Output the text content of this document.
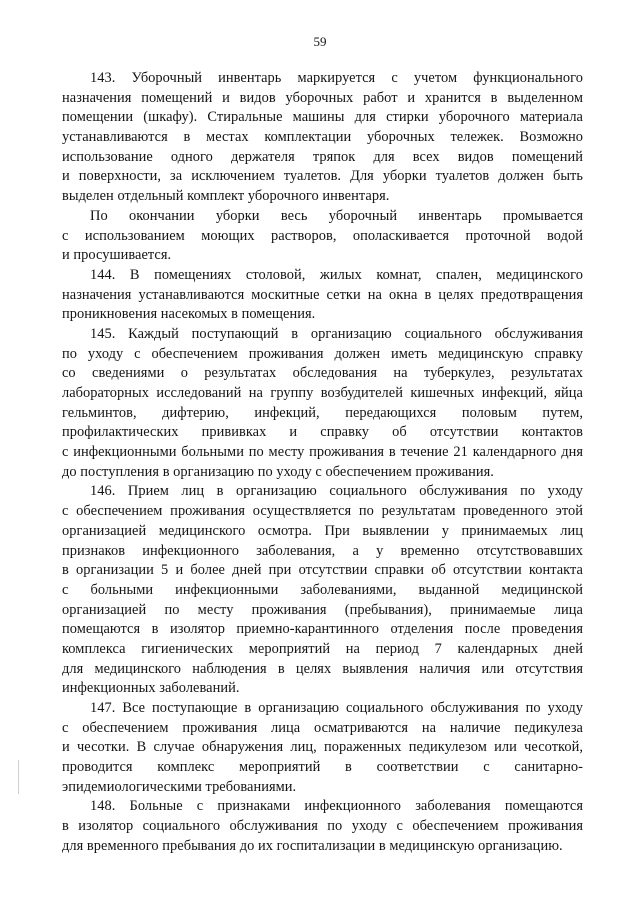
59

143. Уборочный инвентарь маркируется с учетом функционального
назначения помещений и видов уборочных работ и хранится в выделенном
помещении (шкафу). Стиральные машины для стирки уборочного материала
устанавливаются в местах комплектации уборочных тележек. Возможно
использование одного держателя тряпок для всех видов помещений
и поверхности, за исключением туалетов. Для уборки туалетов должен быть
выделен отдельный комплект уборочного инвентаря.

По окончании уборки весь уборочный инвентарь промывается
с использованием моющих растворов, ополаскивается проточной водой
и просушивается.

144. В помещениях столовой, жилых комнат, спален, медицинского
назначения устанавливаются москитные сетки на окна в целях предотвращения
проникновения насекомых в помещения.

145. Каждый поступающий в организацию социального обслуживания
по уходу с обеспечением проживания должен иметь медицинскую справку
со сведениями о результатах обследования на туберкулез, результатах
лабораторных исследований на группу возбудителей кишечных инфекций, яйца
гельминтов, дифтерию, инфекций, передающихся половым путем,
профилактических прививках и справку об отсутствии контактов
с инфекционными больными по месту проживания в течение 21 календарного дня
до поступления в организацию по уходу с обеспечением проживания.

146. Прием лиц в организацию социального обслуживания по уходу
с обеспечением проживания осуществляется по результатам проведенного этой
организацией медицинского осмотра. При выявлении у принимаемых лиц
признаков инфекционного заболевания, а у временно отсутствовавших
в организации 5 и более дней при отсутствии справки об отсутствии контакта
с больными инфекционными заболеваниями, выданной медицинской
организацией по месту проживания (пребывания), принимаемые лица
помещаются в изолятор приемно-карантинного отделения после проведения
комплекса гигиенических мероприятий на период 7 календарных дней
для медицинского наблюдения в целях выявления наличия или отсутствия
инфекционных заболеваний.

147. Все поступающие в организацию социального обслуживания по уходу
с обеспечением проживания лица осматриваются на наличие педикулеза
и чесотки. В случае обнаружения лиц, пораженных педикулезом или чесоткой,
проводится комплекс мероприятий в соответствии с санитарно-
эпидемиологическими требованиями.

148. Больные с признаками инфекционного заболевания помещаются
в изолятор социального обслуживания по уходу с обеспечением проживания
для временного пребывания до их госпитализации в медицинскую организацию.
